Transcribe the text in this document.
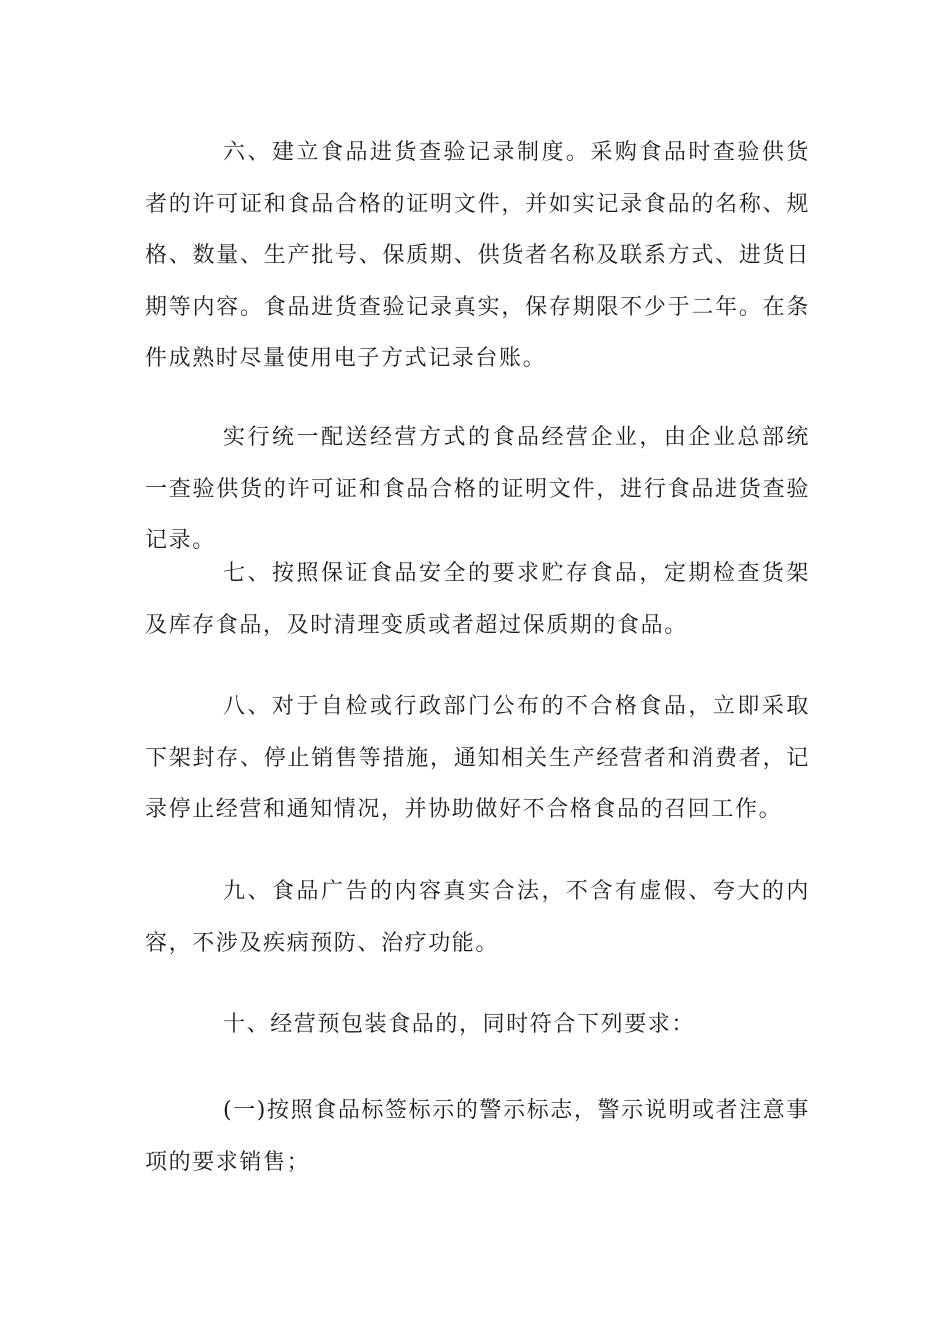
六、建立食品进货查验记录制度。采购食品时查验供货者的许可证和食品合格的证明文件，并如实记录食品的名称、规格、数量、生产批号、保质期、供货者名称及联系方式、进货日期等内容。食品进货查验记录真实，保存期限不少于二年。在条件成熟时尽量使用电子方式记录台账。

实行统一配送经营方式的食品经营企业，由企业总部统一查验供货的许可证和食品合格的证明文件，进行食品进货查验记录。

七、按照保证食品安全的要求贮存食品，定期检查货架及库存食品，及时清理变质或者超过保质期的食品。

八、对于自检或行政部门公布的不合格食品，立即采取下架封存、停止销售等措施，通知相关生产经营者和消费者，记录停止经营和通知情况，并协助做好不合格食品的召回工作。

九、食品广告的内容真实合法，不含有虚假、夸大的内容，不涉及疾病预防、治疗功能。

十、经营预包装食品的，同时符合下列要求：

(一)按照食品标签标示的警示标志，警示说明或者注意事项的要求销售；
